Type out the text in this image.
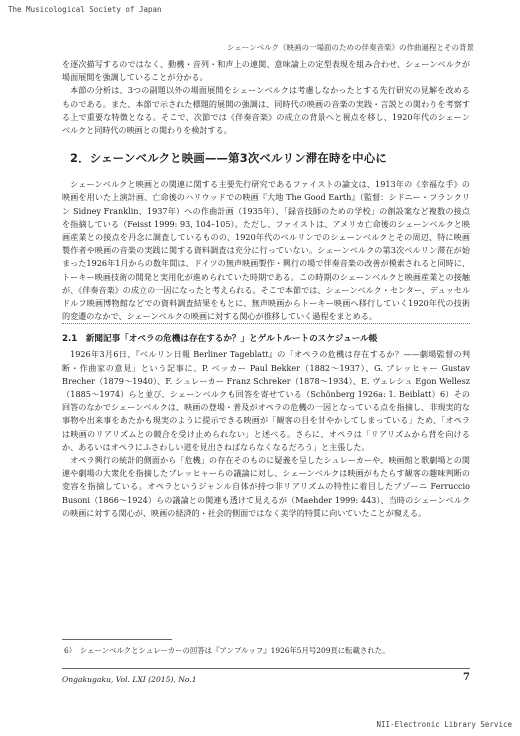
The Musicological Society of Japan
シェーンベルク《映画の一場面のための伴奏音楽》の作曲過程とその背景

を逐次描写するのではなく、動機・音列・和声上の連関、意味論上の定型表現を組み合わせ、シェーンベルクが場面展開を強調していることが分かる。

本節の分析は、3つの副題以外の場面展開をシェーンベルクは考慮しなかったとする先行研究の見解を改めるものである。また、本節で示された標題的展開の強調は、同時代の映画の音楽の実践・言説との関わりを考察する上で重要な特徴となる。そこで、次節では《伴奏音楽》の成立の背景へと視点を移し、1920年代のシェーンベルクと同時代の映画との関わりを検討する。

2．シェーンベルクと映画——第3次ベルリン滞在時を中心に

シェーンベルクと映画との関連に関する主要先行研究であるファイストの論文は、1913年の《幸福な手》の映画を用いた上演計画、亡命後のハリウッドでの映画『大地 The Good Earth』（監督：シドニー・フランクリン Sidney Franklin、1937年）への作曲計画（1935年）、「録音技師のための学校」の創設案など複数の接点を指摘している（Feisst 1999: 93, 104–105）。ただし、ファイストは、アメリカ亡命後のシェーンベルクと映画産業との接点を丹念に調査しているものの、1920年代のベルリンでのシェーンベルクとその周辺、特に映画製作者や映画の音楽の実践に関する資料調査は充分に行っていない。シェーンベルクの第3次ベルリン滞在が始まった1926年1月からの数年間は、ドイツの無声映画製作・興行の場で伴奏音楽の改善が模索されると同時に、トーキー映画技術の開発と実用化が進められていた時期である。この時期のシェーンベルクと映画産業との接触が、《伴奏音楽》の成立の一因になったと考えられる。そこで本節では、シェーンベルク・センター、デュッセルドルフ映画博物館などでの資料調査結果をもとに、無声映画からトーキー映画へ移行していく1920年代の技術的変遷のなかで、シェーンベルクの映画に対する関心が推移していく過程をまとめる。

2.1　新聞記事「オペラの危機は存在するか？」とゲルトルートのスケジュール帳

1926年3月6日、『ベルリン日報 Berliner Tageblatt』の「オペラの危機は存在するか？——劇場監督の判断・作曲家の意見」という記事に、P. ベッカー Paul Bekker（1882～1937）、G. ブレッヒャー Gustav Brecher（1879～1940）、F. シュレーカー Franz Schreker（1878～1934）、E. ヴェレシュ Egon Wellesz（1885～1974）らと並び、シェーンベルクも回答を寄せている（Schönberg 1926a: 1. Beiblatt）6）その回答のなかでシェーンベルクは、映画の登場・普及がオペラの危機の一因となっている点を指摘し、非現実的な事物や出来事をあたかも現実のように提示できる映画が「観客の目を甘やかしてしまっている」ため、「オペラは映画のリアリズムとの競合を受け止められない」と述べる。さらに、オペラは「リアリズムから背を向けるか、あるいはオペラにふさわしい道を見出さねばならなくなるだろう」と主張した。

オペラ興行の統計的側面から「危機」の存在そのものに疑義を呈したシュレーカーや、映画館と歌劇場との関連や劇場の大衆化を指摘したブレッヒャーらの議論に対し、シェーンベルクは映画がもたらす観客の趣味判断の変容を指摘している。オペラというジャンル自体が持つ非リアリズムの特性に着目したブゾーニ Ferruccio Busoni（1866～1924）らの議論との関連も透けて見えるが（Maehder 1999: 443）、当時のシェーンベルクの映画に対する関心が、映画の経済的・社会的側面ではなく美学的特質に向いていたことが窺える。

6）　シェーンベルクとシュレーカーの回答は『アンブルッフ』1926年5月号209頁に転載された。
Ongakugaku, Vol. LXI (2015), No.1	7
NII-Electronic Library Service
